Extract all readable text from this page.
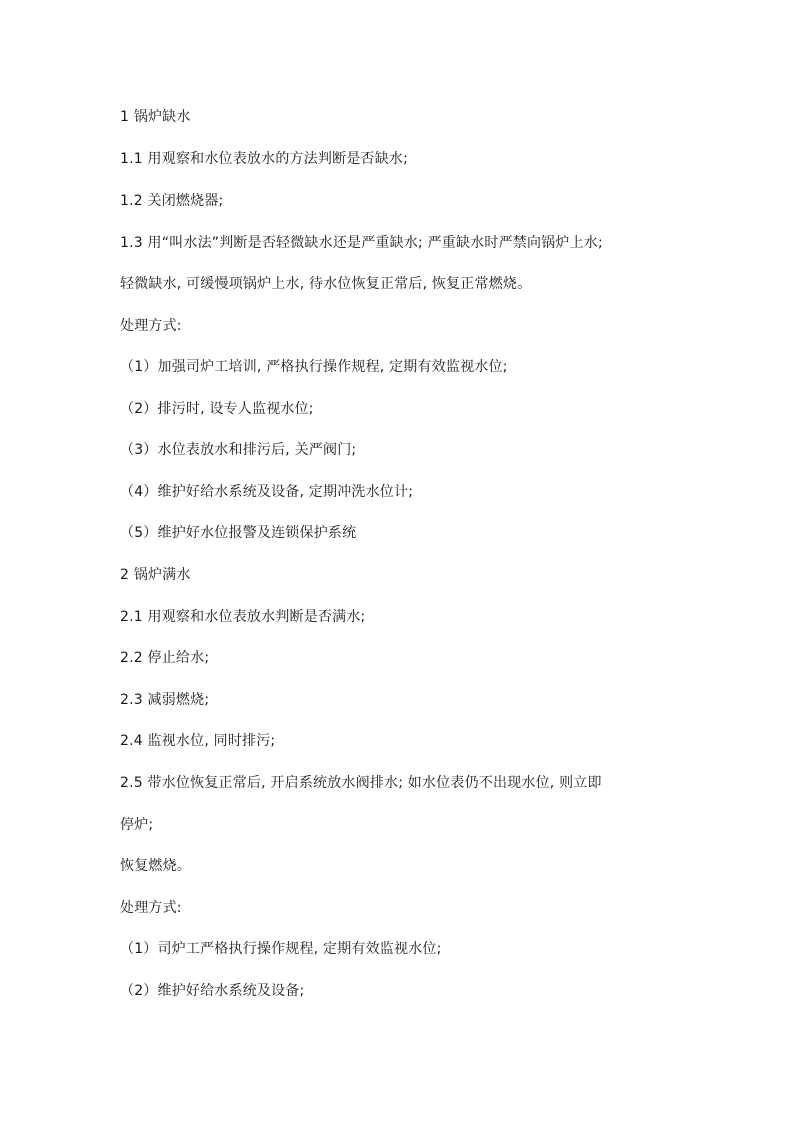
1 锅炉缺水
1.1 用观察和水位表放水的方法判断是否缺水;
1.2 关闭燃烧器;
1.3 用“叫水法”判断是否轻微缺水还是严重缺水; 严重缺水时严禁向锅炉上水;
轻微缺水, 可缓慢项锅炉上水, 待水位恢复正常后, 恢复正常燃烧。
处理方式:
（1）加强司炉工培训, 严格执行操作规程, 定期有效监视水位;
（2）排污时, 设专人监视水位;
（3）水位表放水和排污后, 关严阀门;
（4）维护好给水系统及设备, 定期冲洗水位计;
（5）维护好水位报警及连锁保护系统
2 锅炉满水
2.1 用观察和水位表放水判断是否满水;
2.2 停止给水;
2.3 减弱燃烧;
2.4 监视水位, 同时排污;
2.5 带水位恢复正常后, 开启系统放水阀排水; 如水位表仍不出现水位, 则立即
停炉;
恢复燃烧。
处理方式:
（1）司炉工严格执行操作规程, 定期有效监视水位;
（2）维护好给水系统及设备;
